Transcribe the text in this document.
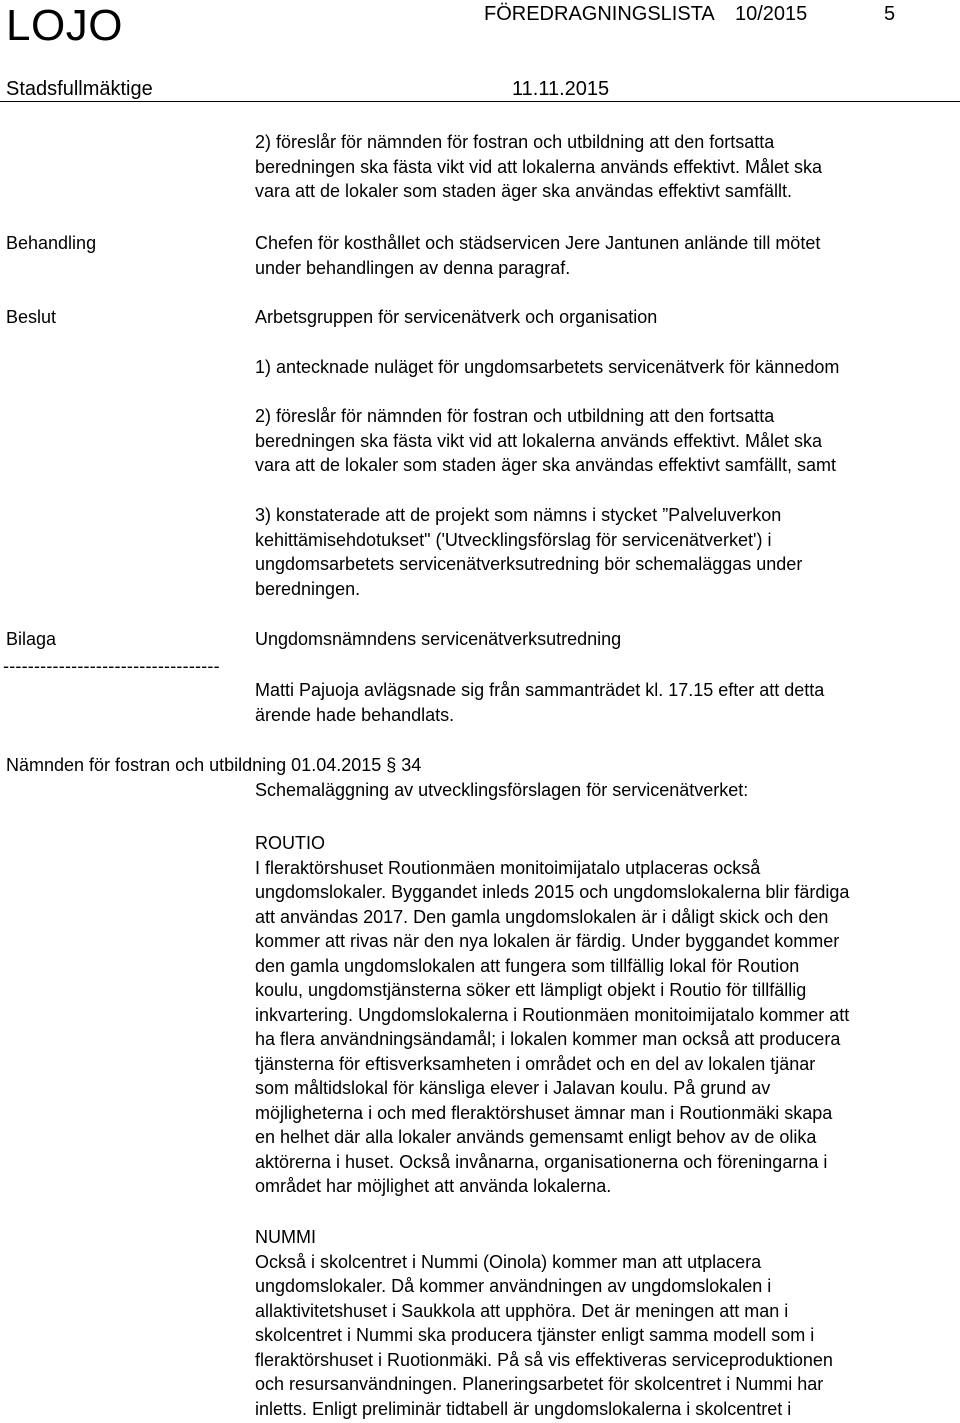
LOJO	FÖREDRAGNINGSLISTA 10/2015	5
Stadsfullmäktige	11.11.2015
2) föreslår för nämnden för fostran och utbildning att den fortsatta
beredningen ska fästa vikt vid att lokalerna används effektivt. Målet ska
vara att de lokaler som staden äger ska användas effektivt samfällt.
Behandling	Chefen för kosthållet och städservicen Jere Jantunen anlände till mötet
under behandlingen av denna paragraf.
Beslut	Arbetsgruppen för servicenätverk och organisation
1) antecknade nuläget för ungdomsarbetets servicenätverk för kännedom
2) föreslår för nämnden för fostran och utbildning att den fortsatta
beredningen ska fästa vikt vid att lokalerna används effektivt. Målet ska
vara att de lokaler som staden äger ska användas effektivt samfällt, samt
3) konstaterade att de projekt som nämns i stycket ”Palveluverkon
kehittämisehdotukset" ('Utvecklingsförslag för servicenätverket') i
ungdomsarbetets servicenätverksutredning bör schemaläggas under
beredningen.
Bilaga	Ungdomsnämndens servicenätverksutredning
-----------------------------------
Matti Pajuoja avlägsnade sig från sammanträdet kl. 17.15 efter att detta
ärende hade behandlats.
Nämnden för fostran och utbildning 01.04.2015 § 34
Schemaläggning av utvecklingsförslagen för servicenätverket:
ROUTIO
I fleraktörshuset Routionmäen monitoimijatalo utplaceras också
ungdomslokaler. Byggandet inleds 2015 och ungdomslokalerna blir färdiga
att användas 2017. Den gamla ungdomslokalen är i dåligt skick och den
kommer att rivas när den nya lokalen är färdig. Under byggandet kommer
den gamla ungdomslokalen att fungera som tillfällig lokal för Roution
koulu, ungdomstjänsterna söker ett lämpligt objekt i Routio för tillfällig
inkvartering. Ungdomslokalerna i Routionmäen monitoimijatalo kommer att
ha flera användningsändamål; i lokalen kommer man också att producera
tjänsterna för eftisverksamheten i området och en del av lokalen tjänar
som måltidslokal för känsliga elever i Jalavan koulu. På grund av
möjligheterna i och med fleraktörshuset ämnar man i Routionmäki skapa
en helhet där alla lokaler används gemensamt enligt behov av de olika
aktörerna i huset. Också invånarna, organisationerna och föreningarna i
området har möjlighet att använda lokalerna.
NUMMI
Också i skolcentret i Nummi (Oinola) kommer man att utplacera
ungdomslokaler. Då kommer användningen av ungdomslokalen i
allaktivitetshuset i Saukkola att upphöra. Det är meningen att man i
skolcentret i Nummi ska producera tjänster enligt samma modell som i
fleraktörshuset i Ruotionmäki. På så vis effektiveras serviceproduktionen
och resursanvändningen. Planeringsarbetet för skolcentret i Nummi har
inletts. Enligt preliminär tidtabell är ungdomslokalerna i skolcentret i
